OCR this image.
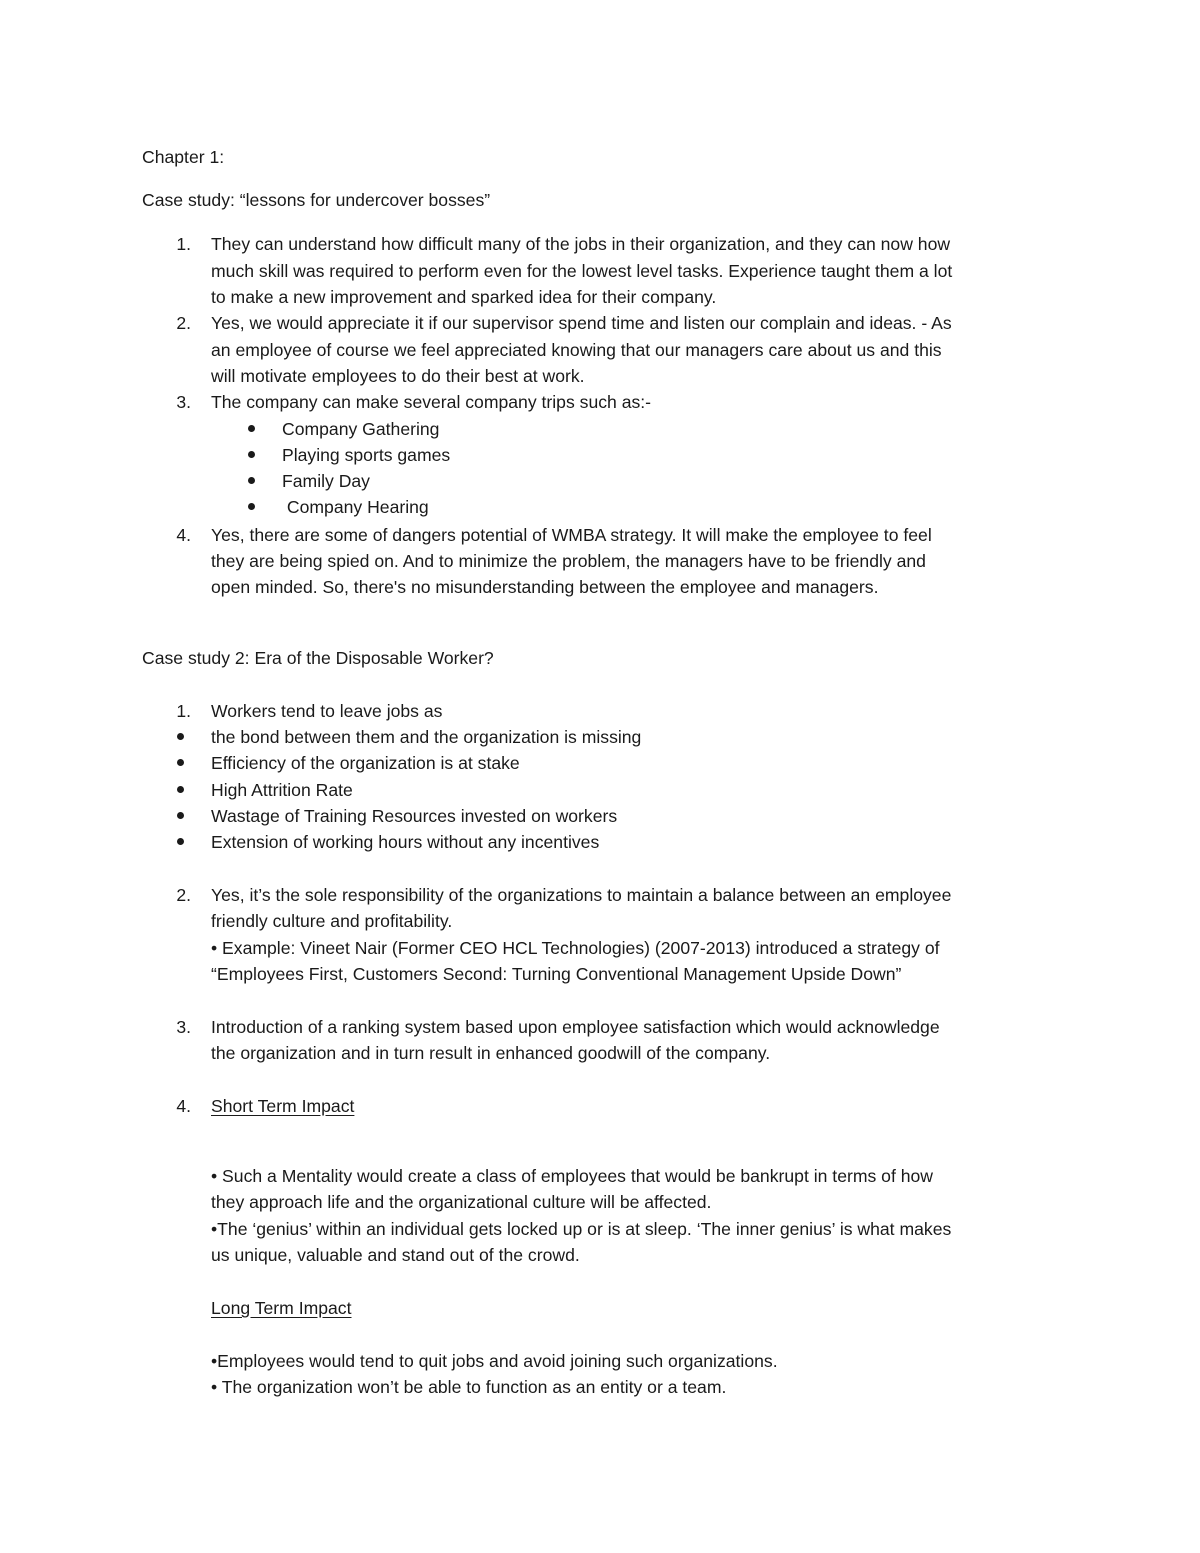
Chapter 1:
Case study: “lessons for undercover bosses”
1. They can understand how difficult many of the jobs in their organization, and they can now how
much skill was required to perform even for the lowest level tasks. Experience taught them a lot
to make a new improvement and sparked idea for their company.
2. Yes, we would appreciate it if our supervisor spend time and listen our complain and ideas. - As
an employee of course we feel appreciated knowing that our managers care about us and this
will motivate employees to do their best at work.
3. The company can make several company trips such as:-
Company Gathering
Playing sports games
Family Day
Company Hearing
4. Yes, there are some of dangers potential of WMBA strategy. It will make the employee to feel
they are being spied on. And to minimize the problem, the managers have to be friendly and
open minded. So, there's no misunderstanding between the employee and managers.
Case study 2: Era of the Disposable Worker?
1. Workers tend to leave jobs as
the bond between them and the organization is missing
Efficiency of the organization is at stake
High Attrition Rate
Wastage of Training Resources invested on workers
Extension of working hours without any incentives
2. Yes, it’s the sole responsibility of the organizations to maintain a balance between an employee
friendly culture and profitability.
• Example: Vineet Nair (Former CEO HCL Technologies) (2007-2013) introduced a strategy of
“Employees First, Customers Second: Turning Conventional Management Upside Down”
3. Introduction of a ranking system based upon employee satisfaction which would acknowledge
the organization and in turn result in enhanced goodwill of the company.
4. Short Term Impact
• Such a Mentality would create a class of employees that would be bankrupt in terms of how
they approach life and the organizational culture will be affected.
•The ‘genius’ within an individual gets locked up or is at sleep. ‘The inner genius’ is what makes
us unique, valuable and stand out of the crowd.
Long Term Impact
•Employees would tend to quit jobs and avoid joining such organizations.
• The organization won’t be able to function as an entity or a team.
